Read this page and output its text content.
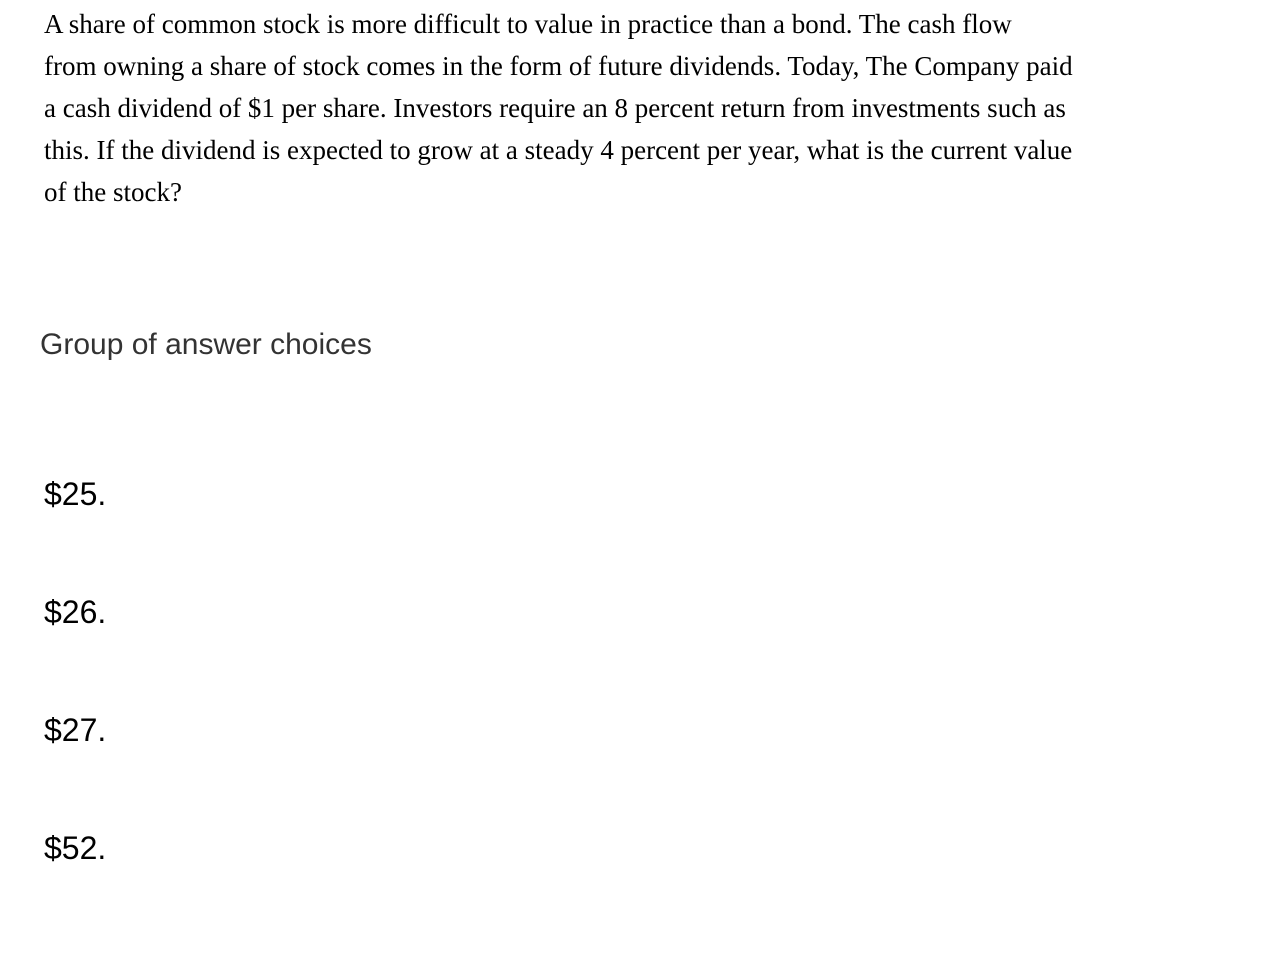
A share of common stock is more difficult to value in practice than a bond. The cash flow
from owning a share of stock comes in the form of future dividends. Today, The Company paid
a cash dividend of $1 per share. Investors require an 8 percent return from investments such as
this. If the dividend is expected to grow at a steady 4 percent per year, what is the current value
of the stock?
Group of answer choices
$25.
$26.
$27.
$52.
